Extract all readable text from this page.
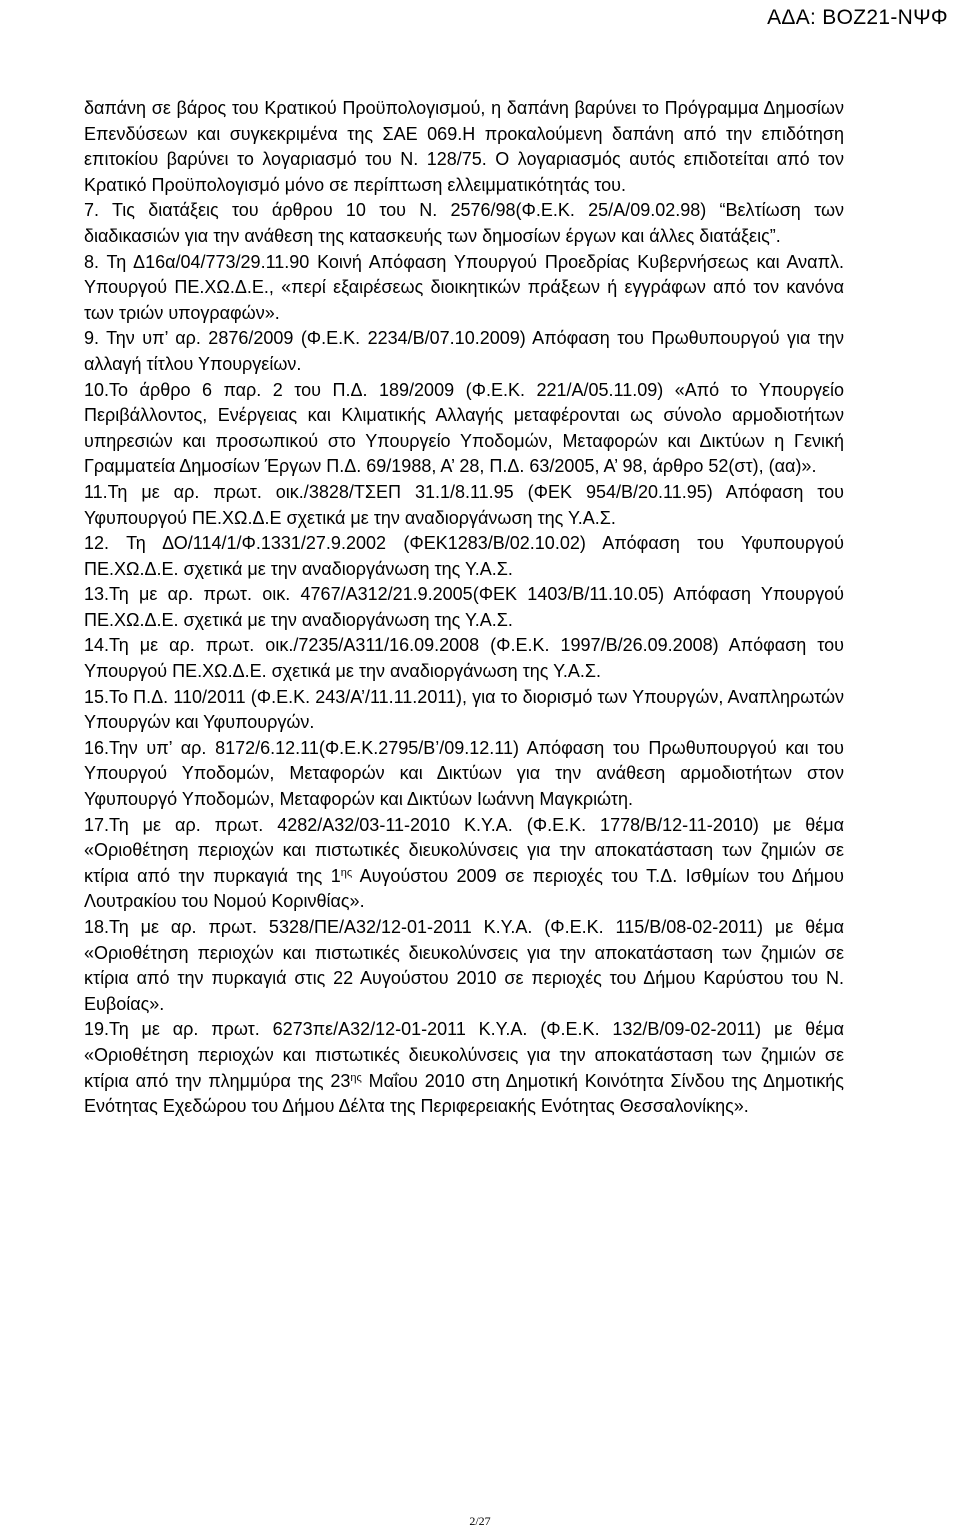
ΑΔΑ: ΒΟΖ21-ΝΨΦ

δαπάνη σε βάρος του Κρατικού Προϋπολογισμού, η δαπάνη βαρύνει το Πρόγραμμα Δημοσίων Επενδύσεων και συγκεκριμένα της ΣΑΕ 069.Η προκαλούμενη δαπάνη από την επιδότηση επιτοκίου βαρύνει το λογαριασμό του Ν. 128/75. Ο λογαριασμός αυτός επιδοτείται από τον Κρατικό Προϋπολογισμό μόνο σε περίπτωση ελλειμματικότητάς του.

7. Τις διατάξεις του άρθρου 10 του Ν. 2576/98(Φ.Ε.Κ. 25/Α/09.02.98) “Βελτίωση των διαδικασιών για την ανάθεση της κατασκευής των δημοσίων έργων και άλλες διατάξεις”.

8. Τη Δ16α/04/773/29.11.90 Κοινή Απόφαση Υπουργού Προεδρίας Κυβερνήσεως και Αναπλ. Υπουργού ΠΕ.ΧΩ.Δ.Ε., «περί εξαιρέσεως διοικητικών πράξεων ή εγγράφων από τον κανόνα των τριών υπογραφών».

9. Την υπ’ αρ. 2876/2009 (Φ.Ε.Κ. 2234/Β/07.10.2009) Απόφαση του Πρωθυπουργού για την αλλαγή τίτλου Υπουργείων.

10.Το άρθρο 6 παρ. 2 του Π.Δ. 189/2009 (Φ.Ε.Κ. 221/Α/05.11.09) «Από το Υπουργείο Περιβάλλοντος, Ενέργειας και Κλιματικής Αλλαγής μεταφέρονται ως σύνολο αρμοδιοτήτων υπηρεσιών και προσωπικού στο Υπουργείο Υποδομών, Μεταφορών και Δικτύων η Γενική Γραμματεία Δημοσίων Έργων Π.Δ. 69/1988, Α’ 28, Π.Δ. 63/2005, Α’ 98, άρθρο 52(στ), (αα)».

11.Τη με αρ. πρωτ. οικ./3828/ΤΣΕΠ 31.1/8.11.95 (ΦΕΚ 954/Β/20.11.95) Απόφαση του Υφυπουργού ΠΕ.ΧΩ.Δ.Ε σχετικά με την αναδιοργάνωση της Υ.Α.Σ.

12. Τη ΔΟ/114/1/Φ.1331/27.9.2002 (ΦΕΚ1283/Β/02.10.02) Απόφαση του Υφυπουργού ΠΕ.ΧΩ.Δ.Ε. σχετικά με την αναδιοργάνωση της Υ.Α.Σ.

13.Τη με αρ. πρωτ. οικ. 4767/Α312/21.9.2005(ΦΕΚ 1403/Β/11.10.05) Απόφαση Υπουργού ΠΕ.ΧΩ.Δ.Ε. σχετικά με την αναδιοργάνωση της Υ.Α.Σ.

14.Τη με αρ. πρωτ. οικ./7235/Α311/16.09.2008 (Φ.Ε.Κ. 1997/Β/26.09.2008) Απόφαση του Υπουργού ΠΕ.ΧΩ.Δ.Ε. σχετικά με την αναδιοργάνωση της Υ.Α.Σ.

15.Το Π.Δ. 110/2011 (Φ.Ε.Κ. 243/Α’/11.11.2011), για το διορισμό των Υπουργών, Αναπληρωτών Υπουργών και Υφυπουργών.

16.Την υπ’ αρ. 8172/6.12.11(Φ.Ε.Κ.2795/Β’/09.12.11) Απόφαση του Πρωθυπουργού και του Υπουργού Υποδομών, Μεταφορών και Δικτύων για την ανάθεση αρμοδιοτήτων στον Υφυπουργό Υποδομών, Μεταφορών και Δικτύων Ιωάννη Μαγκριώτη.

17.Τη με αρ. πρωτ. 4282/Α32/03-11-2010 Κ.Υ.Α. (Φ.Ε.Κ. 1778/Β/12-11-2010) με θέμα «Οριοθέτηση περιοχών και πιστωτικές διευκολύνσεις για την αποκατάσταση των ζημιών σε κτίρια από την πυρκαγιά της $1^{\eta\varsigma}$ Αυγούστου 2009 σε περιοχές του Τ.Δ. Ισθμίων του Δήμου Λουτρακίου του Νομού Κορινθίας».

18.Τη με αρ. πρωτ. 5328/ΠΕ/Α32/12-01-2011 Κ.Υ.Α. (Φ.Ε.Κ. 115/Β/08-02-2011) με θέμα «Οριοθέτηση περιοχών και πιστωτικές διευκολύνσεις για την αποκατάσταση των ζημιών σε κτίρια από την πυρκαγιά στις 22 Αυγούστου 2010 σε περιοχές του Δήμου Καρύστου του Ν. Ευβοίας».

19.Τη με αρ. πρωτ. 6273πε/Α32/12-01-2011 Κ.Υ.Α. (Φ.Ε.Κ. 132/Β/09-02-2011) με θέμα «Οριοθέτηση περιοχών και πιστωτικές διευκολύνσεις για την αποκατάσταση των ζημιών σε κτίρια από την πλημμύρα της $23^{\eta\varsigma}$ Μαΐου 2010 στη Δημοτική Κοινότητα Σίνδου της Δημοτικής Ενότητας Εχεδώρου του Δήμου Δέλτα της Περιφερειακής Ενότητας Θεσσαλονίκης».

2/27
